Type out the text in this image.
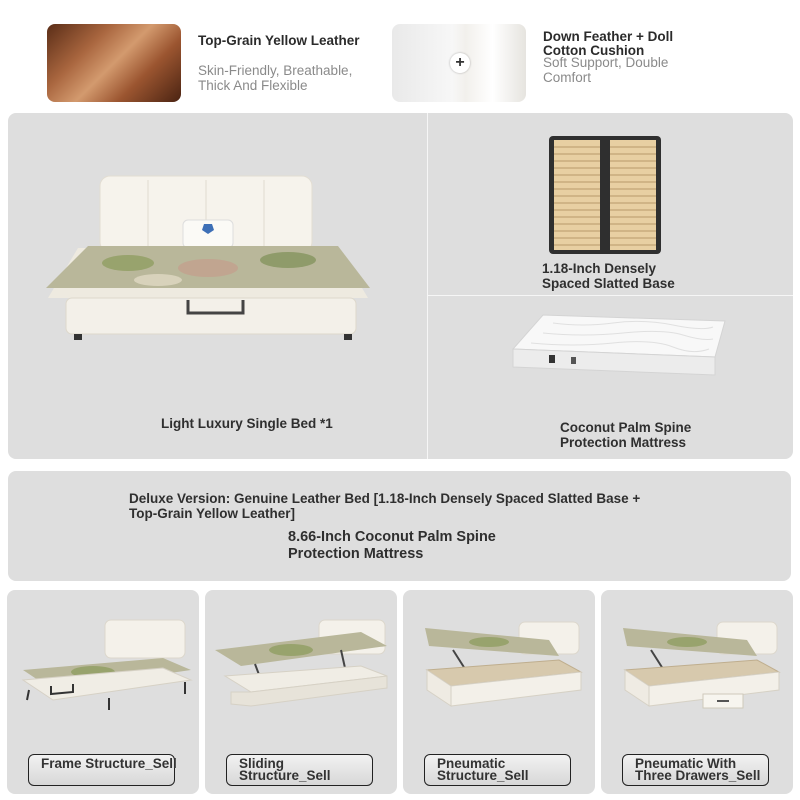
Top-Grain Yellow Leather
Skin-Friendly, Breathable, Thick And Flexible
+
Down Feather + Doll Cotton Cushion
Soft Support, Double Comfort
Light Luxury Single Bed *1
1.18-Inch Densely Spaced Slatted Base
Coconut Palm Spine Protection Mattress
Deluxe Version: Genuine Leather Bed [1.18-Inch Densely Spaced Slatted Base + Top-Grain Yellow Leather]
8.66-Inch Coconut Palm Spine Protection Mattress
Frame Structure_Sell	Sliding Structure_Sell
Pneumatic Structure_Sell
Pneumatic With Three Drawers_Sell
